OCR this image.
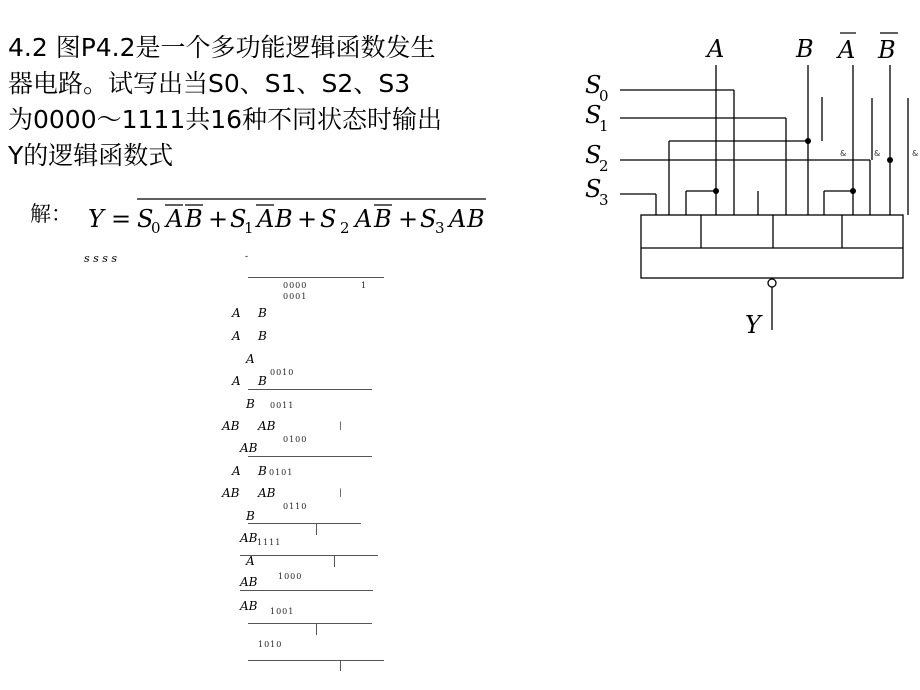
4.2 图P4.2是一个多功能逻辑函数发生
器电路。试写出当S0、S1、S2、S3
为0000～1111共16种不同状态时输出
Y的逻辑函数式
解： Y = S
0 A B + S
1 A B + S 2 A B + S
3 A B
s s s s	-
0000	1
0001
A B
A B
A
0010
A B
B 0011
AB AB	|
0100
AB
A B 0101
AB AB	|
0110
B
AB 1111
A
1000
AB
AB 1001
1010
A	B A B
S
0
S
1
S
2
S
3
Y
&	&	&
